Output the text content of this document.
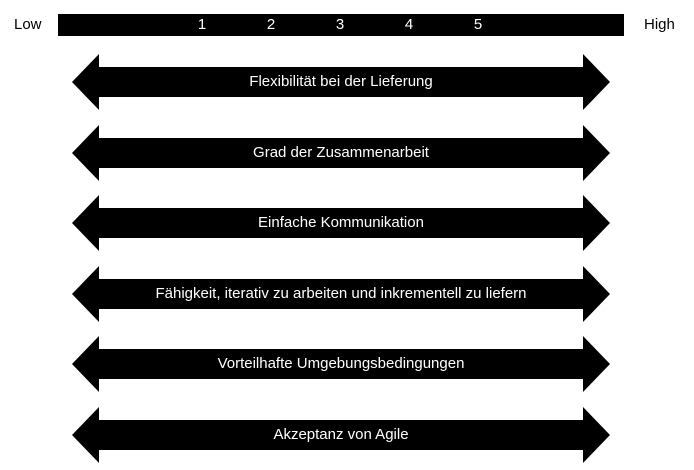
Low	1	2	3	4	5	High
Flexibilität bei der Lieferung
Grad der Zusammenarbeit
Einfache Kommunikation
Fähigkeit, iterativ zu arbeiten und inkrementell zu liefern
Vorteilhafte Umgebungsbedingungen
Akzeptanz von Agile
